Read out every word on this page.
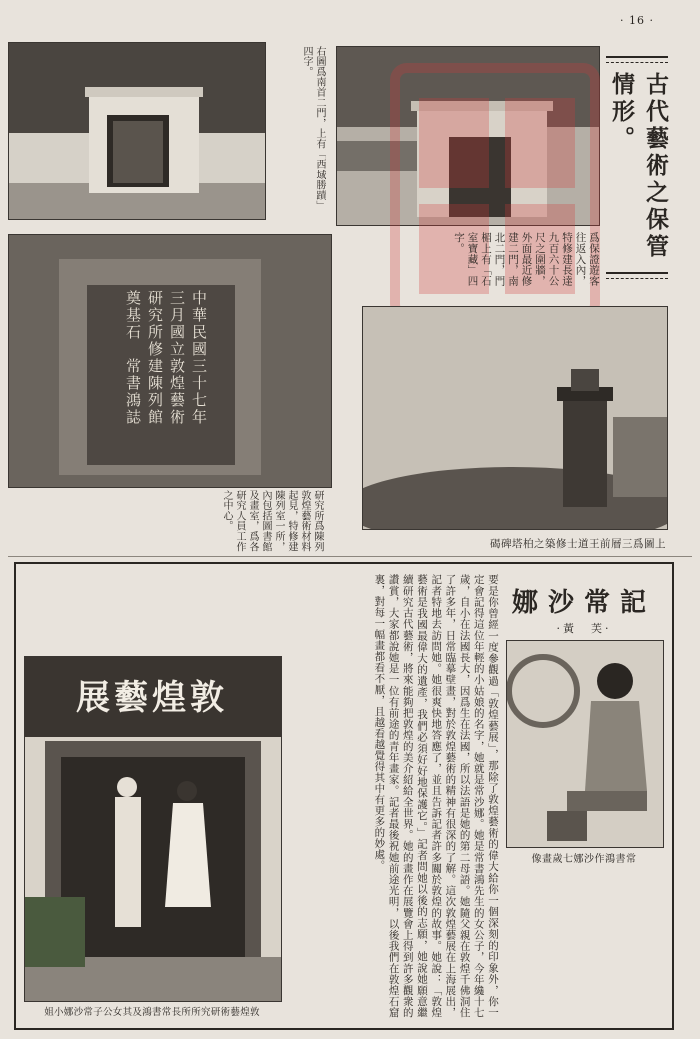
· 16 ·
右圖爲南首二門，上有「西域勝蹟」四字。
古代藝術之保管情形。
爲保證遊客往返入內，特修建長達九百六十公尺之圍牆，外面最近修建二門，南北二門，門楣上有「石室寶藏」四字。
中華民國三十七年
三月國立敦煌藝術
研究所修建陳列館
奠基石　常書鴻誌
研究所爲陳列敦煌藝術材料起見，特修建陳列室一所，內包括圖書館及畫室，爲各研究人員工作之中心。
上圖爲三層前王道士修築之柏塔碑碣
記常沙娜
·黃　芙·
常書鴻作沙娜七歲畫像
敦煌藝展
敦煌藝術研究所所長常書鴻及其女公子常沙娜小姐	要是你曾經一度參觀過「敦煌藝展」，那除了敦煌藝術的偉大給你一個深刻的印象外，你一定會記得這位年輕的小姑娘的名字，她就是常沙娜。她是常書鴻先生的女公子，今年纔十七歲，自小在法國長大，因爲生在法國，所以法語是她的第二母語。她隨父親在敦煌千佛洞住了許多年，日常臨摹壁畫，對於敦煌藝術的精神有很深的了解。這次敦煌藝展在上海展出，記者特地去訪問她。她很爽快地答應了，並且告訴記者許多關於敦煌的故事。她說：「敦煌藝術是我國最偉大的遺產，我們必須好好地保護它。」記者問她以後的志願，她說她願意繼續研究古代藝術，將來能夠把敦煌的美介紹給全世界。她的畫作在展覽會上得到許多觀衆的讚賞，大家都說她是一位有前途的青年畫家。記者最後祝她前途光明，以後我們在敦煌石窟裏，對每一幅畫都看不厭，且越看越覺得其中有更多的妙處。
